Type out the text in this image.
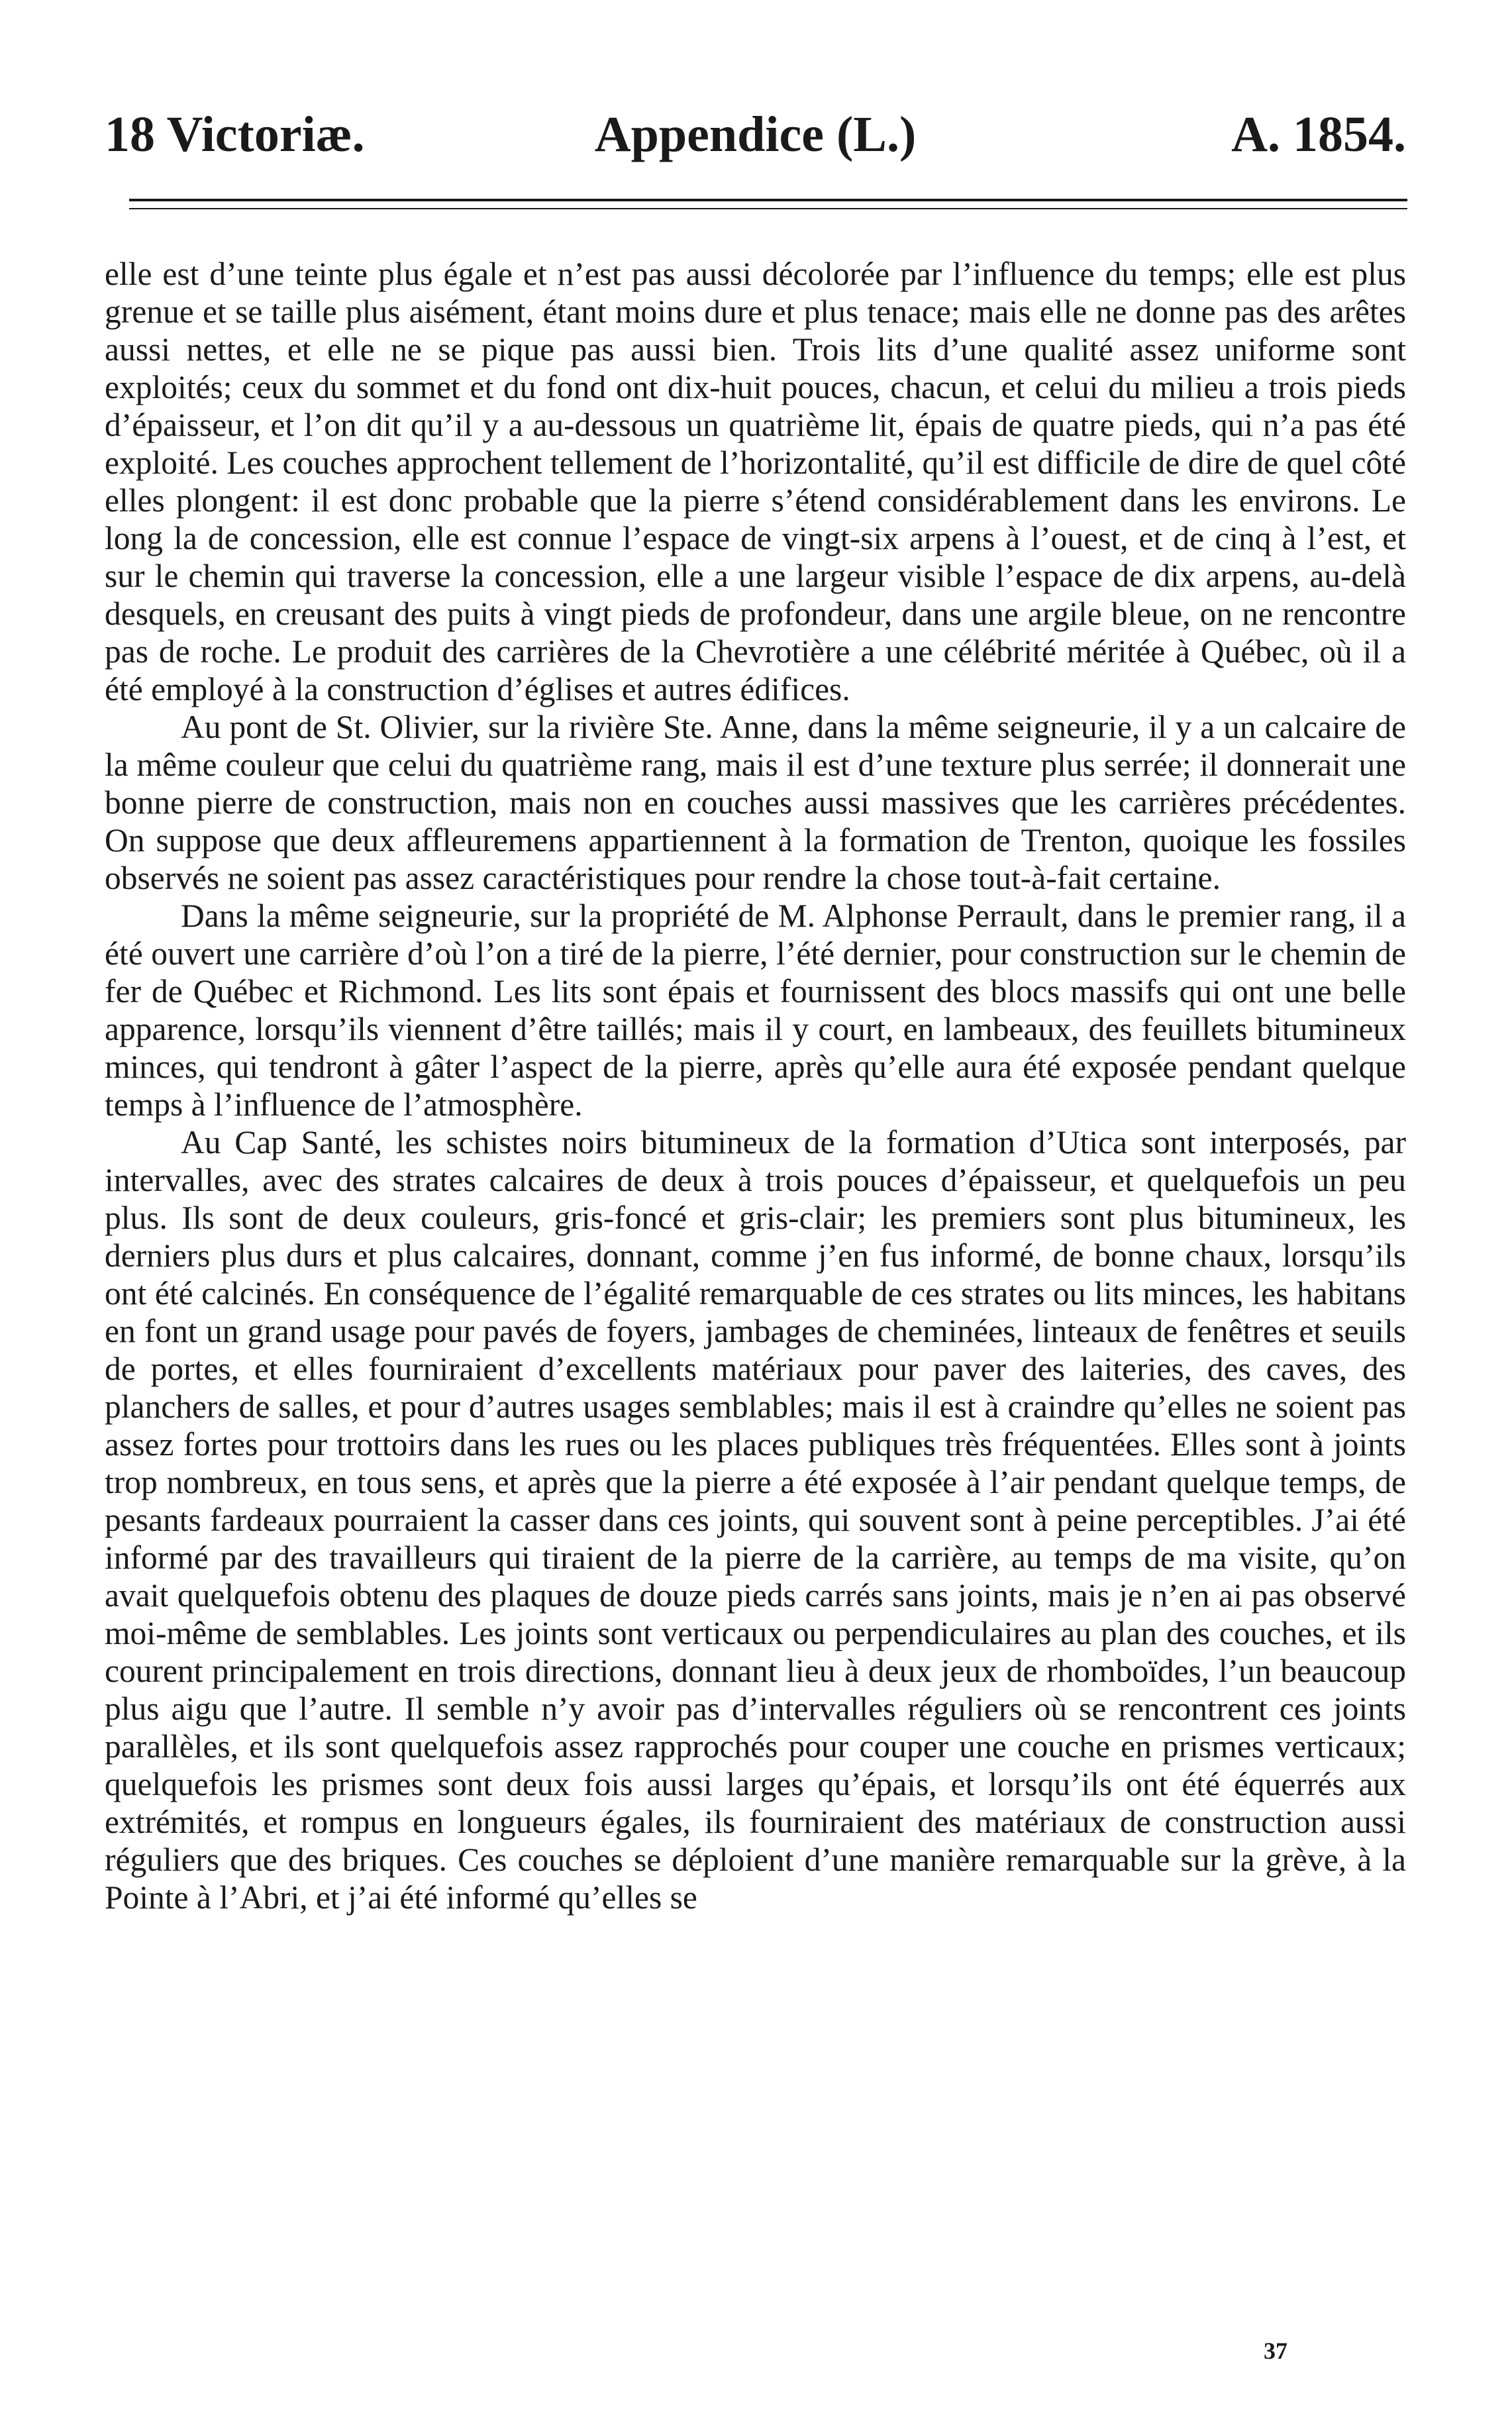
18 Victoriæ.	Appendice (L.)	A. 1854.

elle est d’une teinte plus égale et n’est pas aussi décolorée par l’influence du temps; elle est plus grenue et se taille plus aisément, étant moins dure et plus tenace; mais elle ne donne pas des arêtes aussi nettes, et elle ne se pique pas aussi bien. Trois lits d’une qualité assez uniforme sont exploités; ceux du sommet et du fond ont dix-huit pouces, chacun, et celui du milieu a trois pieds d’épaisseur, et l’on dit qu’il y a au-dessous un quatrième lit, épais de quatre pieds, qui n’a pas été exploité. Les couches approchent tellement de l’horizontalité, qu’il est difficile de dire de quel côté elles plongent: il est donc probable que la pierre s’étend considérablement dans les environs. Le long la de concession, elle est connue l’espace de vingt-six arpens à l’ouest, et de cinq à l’est, et sur le chemin qui traverse la concession, elle a une largeur visible l’espace de dix arpens, au-delà desquels, en creusant des puits à vingt pieds de profondeur, dans une argile bleue, on ne rencontre pas de roche. Le produit des carrières de la Chevrotière a une célébrité méritée à Québec, où il a été employé à la construction d’églises et autres édifices.

Au pont de St. Olivier, sur la rivière Ste. Anne, dans la même seigneurie, il y a un calcaire de la même couleur que celui du quatrième rang, mais il est d’une texture plus serrée; il donnerait une bonne pierre de construction, mais non en couches aussi massives que les carrières précédentes. On suppose que deux affleuremens appartiennent à la formation de Trenton, quoique les fossiles observés ne soient pas assez caractéristiques pour rendre la chose tout-à-fait certaine.

Dans la même seigneurie, sur la propriété de M. Alphonse Perrault, dans le premier rang, il a été ouvert une carrière d’où l’on a tiré de la pierre, l’été dernier, pour construction sur le chemin de fer de Québec et Richmond. Les lits sont épais et fournissent des blocs massifs qui ont une belle apparence, lorsqu’ils viennent d’être taillés; mais il y court, en lambeaux, des feuillets bitumineux minces, qui tendront à gâter l’aspect de la pierre, après qu’elle aura été exposée pendant quelque temps à l’influence de l’atmosphère.

Au Cap Santé, les schistes noirs bitumineux de la formation d’Utica sont interposés, par intervalles, avec des strates calcaires de deux à trois pouces d’épaisseur, et quelquefois un peu plus. Ils sont de deux couleurs, gris-foncé et gris-clair; les premiers sont plus bitumineux, les derniers plus durs et plus calcaires, donnant, comme j’en fus informé, de bonne chaux, lorsqu’ils ont été calcinés. En conséquence de l’égalité remarquable de ces strates ou lits minces, les habitans en font un grand usage pour pavés de foyers, jambages de cheminées, linteaux de fenêtres et seuils de portes, et elles fourniraient d’excellents matériaux pour paver des laiteries, des caves, des planchers de salles, et pour d’autres usages semblables; mais il est à craindre qu’elles ne soient pas assez fortes pour trottoirs dans les rues ou les places publiques très fréquentées. Elles sont à joints trop nombreux, en tous sens, et après que la pierre a été exposée à l’air pendant quelque temps, de pesants fardeaux pourraient la casser dans ces joints, qui souvent sont à peine perceptibles. J’ai été informé par des travailleurs qui tiraient de la pierre de la carrière, au temps de ma visite, qu’on avait quelquefois obtenu des plaques de douze pieds carrés sans joints, mais je n’en ai pas observé moi-même de semblables. Les joints sont verticaux ou perpendiculaires au plan des couches, et ils courent principalement en trois directions, donnant lieu à deux jeux de rhomboïdes, l’un beaucoup plus aigu que l’autre. Il semble n’y avoir pas d’intervalles réguliers où se rencontrent ces joints parallèles, et ils sont quelquefois assez rapprochés pour couper une couche en prismes verticaux; quelquefois les prismes sont deux fois aussi larges qu’épais, et lorsqu’ils ont été équerrés aux extrémités, et rompus en longueurs égales, ils fourniraient des matériaux de construction aussi réguliers que des briques. Ces couches se déploient d’une manière remarquable sur la grève, à la Pointe à l’Abri, et j’ai été informé qu’elles se

37
